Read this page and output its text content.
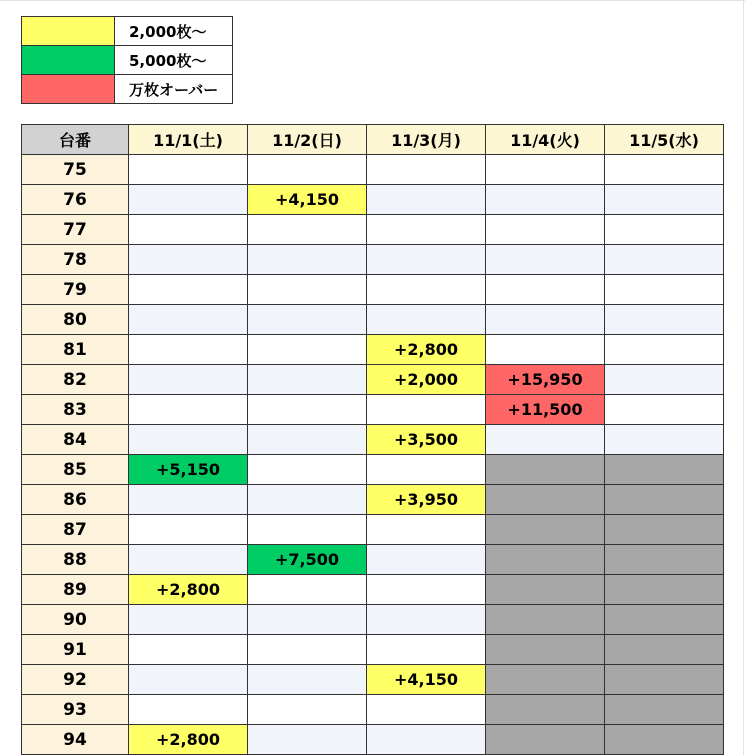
	2,000枚〜
	5,000枚〜
	万枚オーバー
台番	11/1(土)	11/2(日)	11/3(月)	11/4(火)	11/5(水)
75					
76		+4,150			
77					
78					
79					
80					
81			+2,800		
82			+2,000	+15,950	
83				+11,500	
84			+3,500		
85	+5,150				
86			+3,950		
87					
88		+7,500			
89	+2,800				
90					
91					
92			+4,150		
93					
94	+2,800				
